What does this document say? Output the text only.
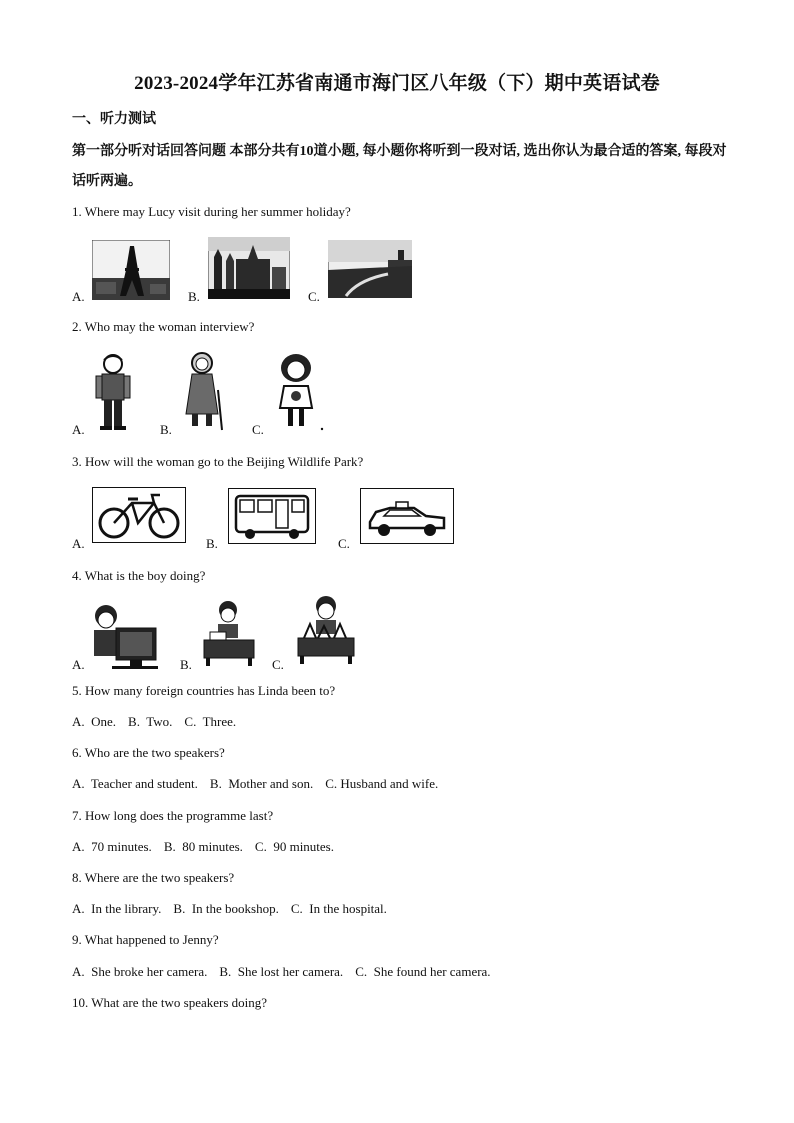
2023-2024学年江苏省南通市海门区八年级（下）期中英语试卷
一、听力测试
第一部分听对话回答问题 本部分共有10道小题, 每小题你将听到一段对话, 选出你认为最合适的答案, 每段对话听两遍。
1. Where may Lucy visit during her summer holiday?
A.	B.	C.
2. Who may the woman interview?
A.	B.	C.
3. How will the woman go to the Beijing Wildlife Park?
A.	B.	C.
4. What is the boy doing?
A.	B.	C.
5. How many foreign countries has Linda been to?
A.  One. B.  Two. C.  Three.
6. Who are the two speakers?
A.  Teacher and student. B.  Mother and son. C. Husband and wife.
7. How long does the programme last?
A.  70 minutes. B.  80 minutes. C.  90 minutes.
8. Where are the two speakers?
A.  In the library. B.  In the bookshop. C.  In the hospital.
9. What happened to Jenny?
A.  She broke her camera. B.  She lost her camera. C.  She found her camera.
10. What are the two speakers doing?
